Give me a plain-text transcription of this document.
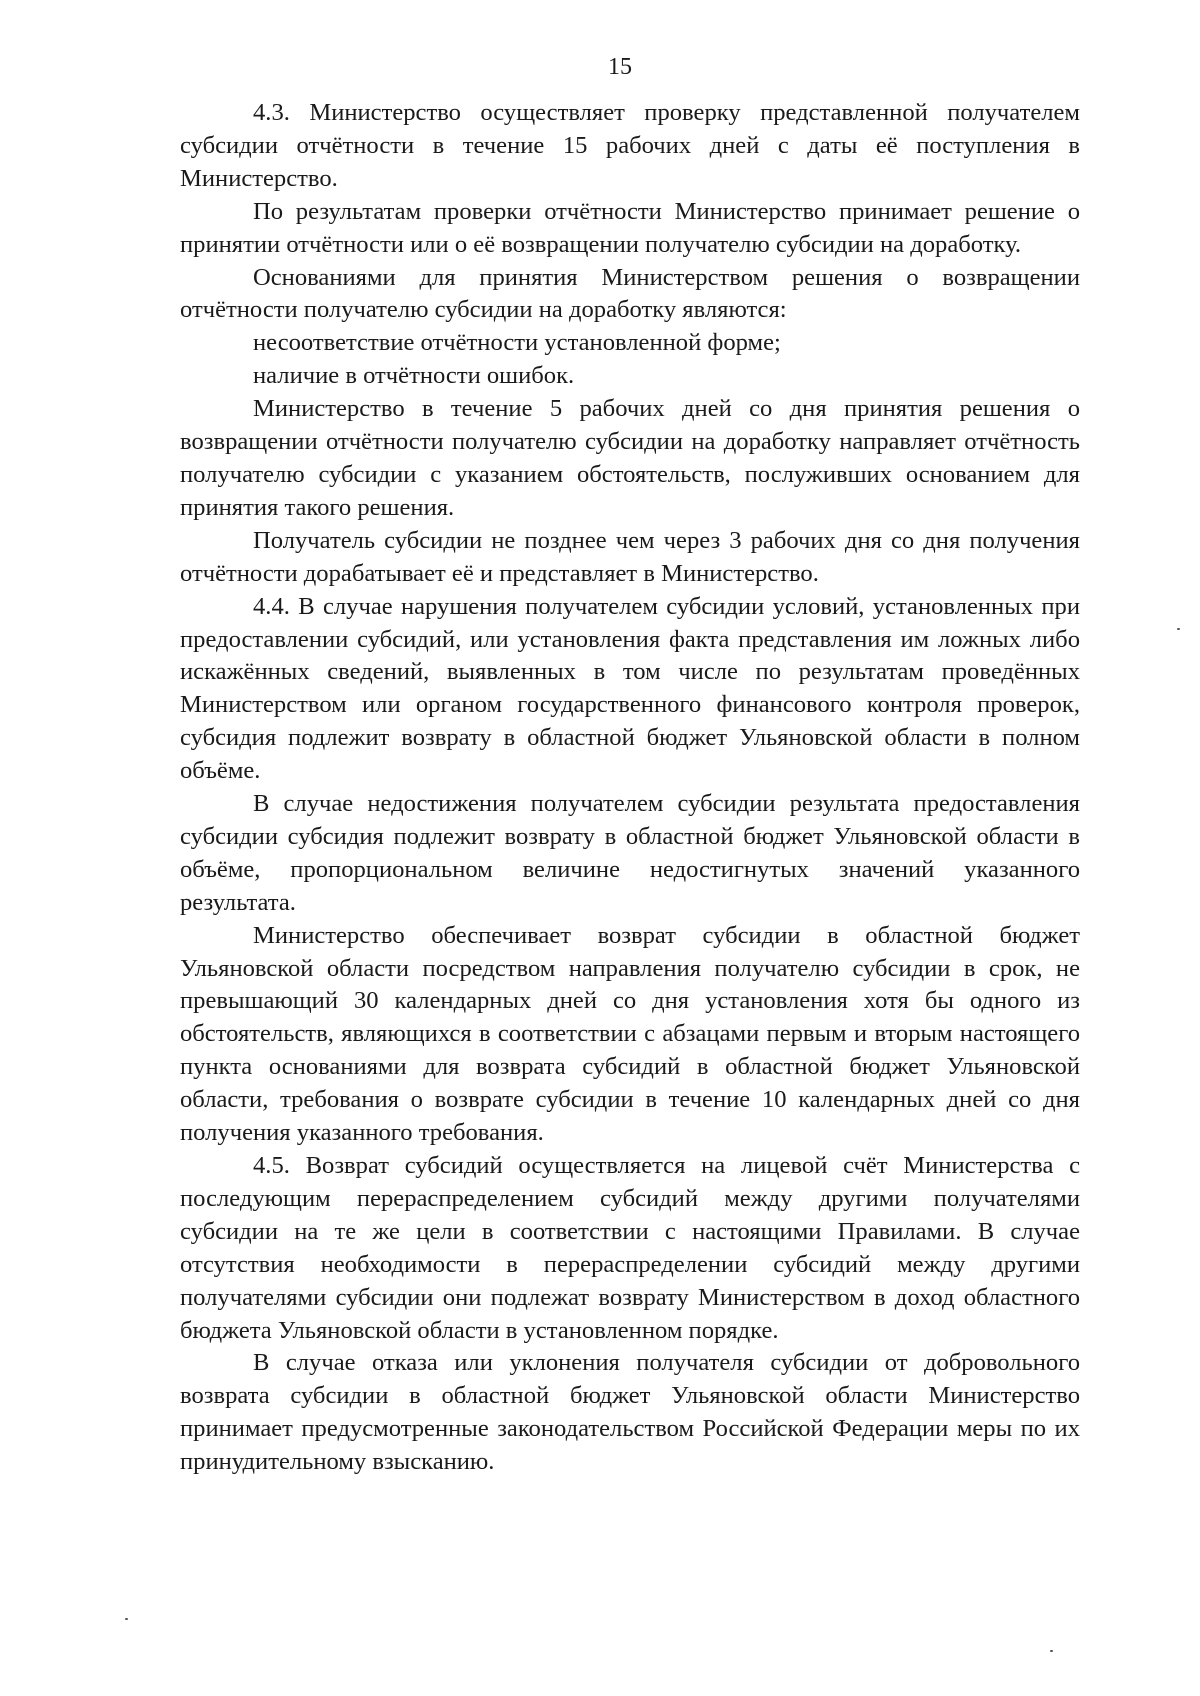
15

4.3. Министерство осуществляет проверку представленной получателем субсидии отчётности в течение 15 рабочих дней с даты её поступления в Министерство.

По результатам проверки отчётности Министерство принимает решение о принятии отчётности или о её возвращении получателю субсидии на доработку.

Основаниями для принятия Министерством решения о возвращении отчётности получателю субсидии на доработку являются:

несоответствие отчётности установленной форме;

наличие в отчётности ошибок.

Министерство в течение 5 рабочих дней со дня принятия решения о возвращении отчётности получателю субсидии на доработку направляет отчётность получателю субсидии с указанием обстоятельств, послуживших основанием для принятия такого решения.

Получатель субсидии не позднее чем через 3 рабочих дня со дня получения отчётности дорабатывает её и представляет в Министерство.

4.4. В случае нарушения получателем субсидии условий, установленных при предоставлении субсидий, или установления факта представления им ложных либо искажённых сведений, выявленных в том числе по результатам проведённых Министерством или органом государственного финансового контроля проверок, субсидия подлежит возврату в областной бюджет Ульяновской области в полном объёме.

В случае недостижения получателем субсидии результата предоставления субсидии субсидия подлежит возврату в областной бюджет Ульяновской области в объёме, пропорциональном величине недостигнутых значений указанного результата.

Министерство обеспечивает возврат субсидии в областной бюджет Ульяновской области посредством направления получателю субсидии в срок, не превышающий 30 календарных дней со дня установления хотя бы одного из обстоятельств, являющихся в соответствии с абзацами первым и вторым настоящего пункта основаниями для возврата субсидий в областной бюджет Ульяновской области, требования о возврате субсидии в течение 10 календарных дней со дня получения указанного требования.

4.5. Возврат субсидий осуществляется на лицевой счёт Министерства с последующим перераспределением субсидий между другими получателями субсидии на те же цели в соответствии с настоящими Правилами. В случае отсутствия необходимости в перераспределении субсидий между другими получателями субсидии они подлежат возврату Министерством в доход областного бюджета Ульяновской области в установленном порядке.

В случае отказа или уклонения получателя субсидии от добровольного возврата субсидии в областной бюджет Ульяновской области Министерство принимает предусмотренные законодательством Российской Федерации меры по их принудительному взысканию.
